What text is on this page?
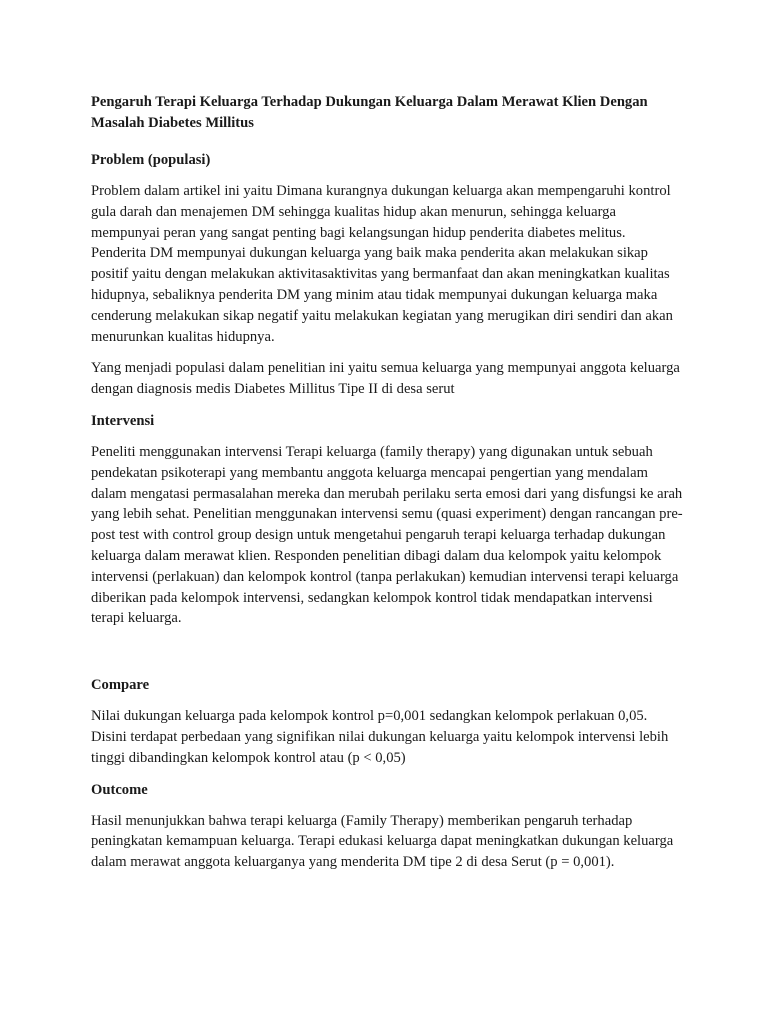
Pengaruh Terapi Keluarga Terhadap Dukungan Keluarga Dalam Merawat Klien Dengan Masalah Diabetes Millitus
Problem (populasi)

Problem dalam artikel ini yaitu Dimana kurangnya dukungan keluarga akan mempengaruhi kontrol gula darah dan menajemen DM sehingga kualitas hidup akan menurun, sehingga keluarga mempunyai peran yang sangat penting bagi kelangsungan hidup penderita diabetes melitus. Penderita DM mempunyai dukungan keluarga yang baik maka penderita akan melakukan sikap positif yaitu dengan melakukan aktivitasaktivitas yang bermanfaat dan akan meningkatkan kualitas hidupnya, sebaliknya penderita DM yang minim atau tidak mempunyai dukungan keluarga maka cenderung melakukan sikap negatif yaitu melakukan kegiatan yang merugikan diri sendiri dan akan menurunkan kualitas hidupnya.

Yang menjadi populasi dalam penelitian ini yaitu semua keluarga yang mempunyai anggota keluarga dengan diagnosis medis Diabetes Millitus Tipe II di desa serut

Intervensi

Peneliti menggunakan intervensi Terapi keluarga (family therapy) yang digunakan untuk sebuah pendekatan psikoterapi yang membantu anggota keluarga mencapai pengertian yang mendalam dalam mengatasi permasalahan mereka dan merubah perilaku serta emosi dari yang disfungsi ke arah yang lebih sehat. Penelitian menggunakan intervensi semu (quasi experiment) dengan rancangan pre-post test with control group design untuk mengetahui pengaruh terapi keluarga terhadap dukungan keluarga dalam merawat klien. Responden penelitian dibagi dalam dua kelompok yaitu kelompok intervensi (perlakuan) dan kelompok kontrol (tanpa perlakukan) kemudian intervensi terapi keluarga diberikan pada kelompok intervensi, sedangkan kelompok kontrol tidak mendapatkan intervensi terapi keluarga.

Compare

Nilai dukungan keluarga pada kelompok kontrol p=0,001 sedangkan kelompok perlakuan 0,05. Disini terdapat perbedaan yang signifikan nilai dukungan keluarga yaitu kelompok intervensi lebih tinggi dibandingkan kelompok kontrol atau (p < 0,05)

Outcome

Hasil menunjukkan bahwa terapi keluarga (Family Therapy) memberikan pengaruh terhadap peningkatan kemampuan keluarga. Terapi edukasi keluarga dapat meningkatkan dukungan keluarga dalam merawat anggota keluarganya yang menderita DM tipe 2 di desa Serut (p = 0,001).
